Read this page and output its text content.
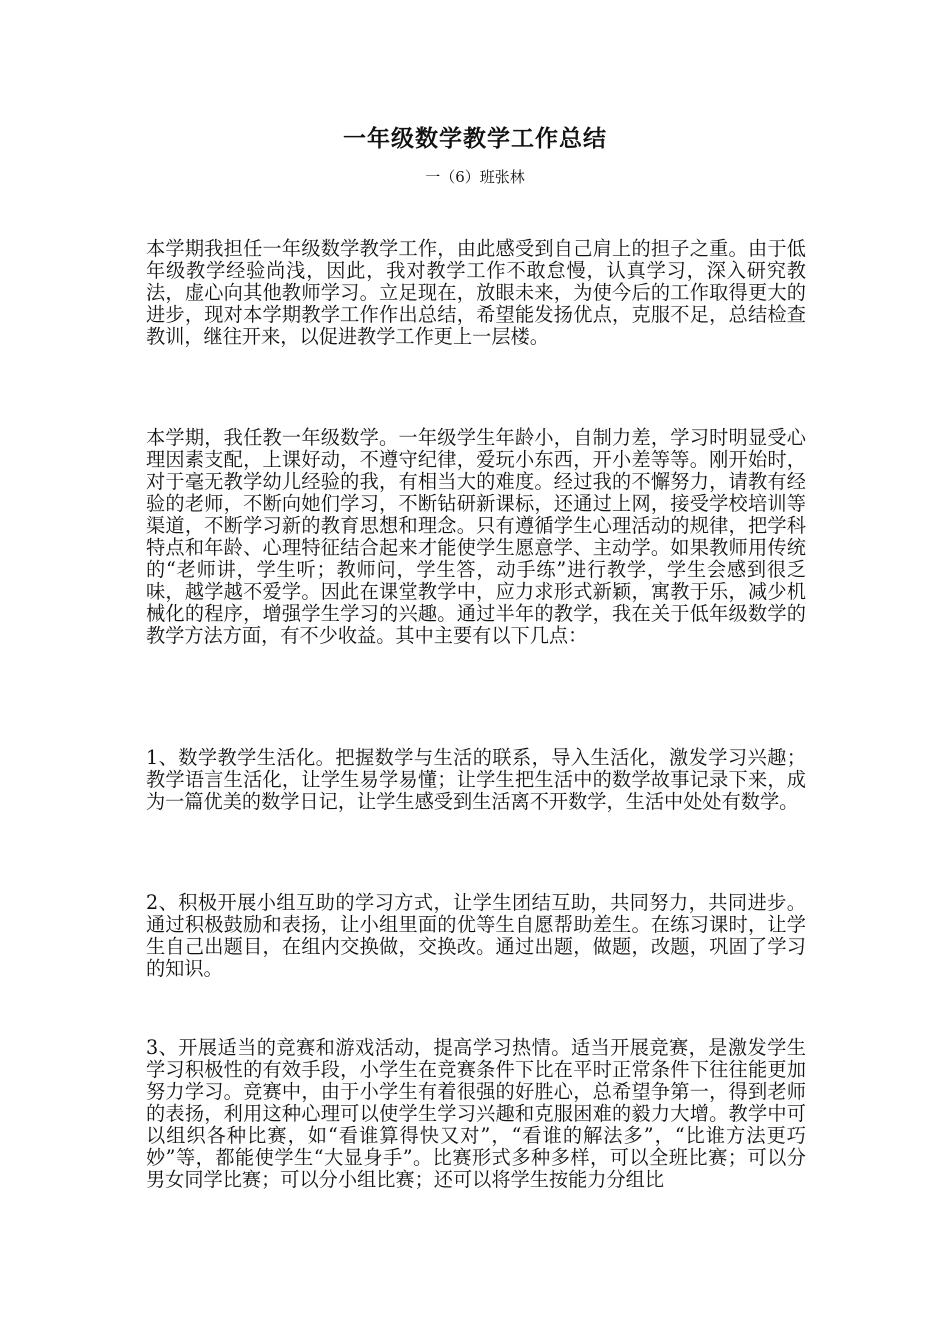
一年级数学教学工作总结
一（6）班张林

本学期我担任一年级数学教学工作，由此感受到自己肩上的担子之重。由于低年级教学经验尚浅，因此，我对教学工作不敢怠慢，认真学习，深入研究教法，虚心向其他教师学习。立足现在，放眼未来，为使今后的工作取得更大的进步，现对本学期教学工作作出总结，希望能发扬优点，克服不足，总结检查教训，继往开来，以促进教学工作更上一层楼。

本学期，我任教一年级数学。一年级学生年龄小，自制力差，学习时明显受心理因素支配，上课好动，不遵守纪律，爱玩小东西，开小差等等。刚开始时，对于毫无教学幼儿经验的我，有相当大的难度。经过我的不懈努力，请教有经验的老师，不断向她们学习，不断钻研新课标，还通过上网，接受学校培训等渠道，不断学习新的教育思想和理念。只有遵循学生心理活动的规律，把学科特点和年龄、心理特征结合起来才能使学生愿意学、主动学。如果教师用传统的“老师讲，学生听；教师问，学生答，动手练”进行教学，学生会感到很乏味，越学越不爱学。因此在课堂教学中，应力求形式新颖，寓教于乐，减少机械化的程序，增强学生学习的兴趣。通过半年的教学，我在关于低年级数学的教学方法方面，有不少收益。其中主要有以下几点：

1、数学教学生活化。把握数学与生活的联系，导入生活化，激发学习兴趣；教学语言生活化，让学生易学易懂；让学生把生活中的数学故事记录下来，成为一篇优美的数学日记，让学生感受到生活离不开数学，生活中处处有数学。

2、积极开展小组互助的学习方式，让学生团结互助，共同努力，共同进步。通过积极鼓励和表扬，让小组里面的优等生自愿帮助差生。在练习课时，让学生自己出题目，在组内交换做，交换改。通过出题，做题，改题，巩固了学习的知识。

3、开展适当的竞赛和游戏活动，提高学习热情。适当开展竞赛，是激发学生学习积极性的有效手段，小学生在竞赛条件下比在平时正常条件下往往能更加努力学习。竞赛中，由于小学生有着很强的好胜心，总希望争第一，得到老师的表扬，利用这种心理可以使学生学习兴趣和克服困难的毅力大增。教学中可以组织各种比赛，如“看谁算得快又对”，“看谁的解法多”，“比谁方法更巧妙”等，都能使学生“大显身手”。比赛形式多种多样，可以全班比赛；可以分男女同学比赛；可以分小组比赛；还可以将学生按能力分组比
